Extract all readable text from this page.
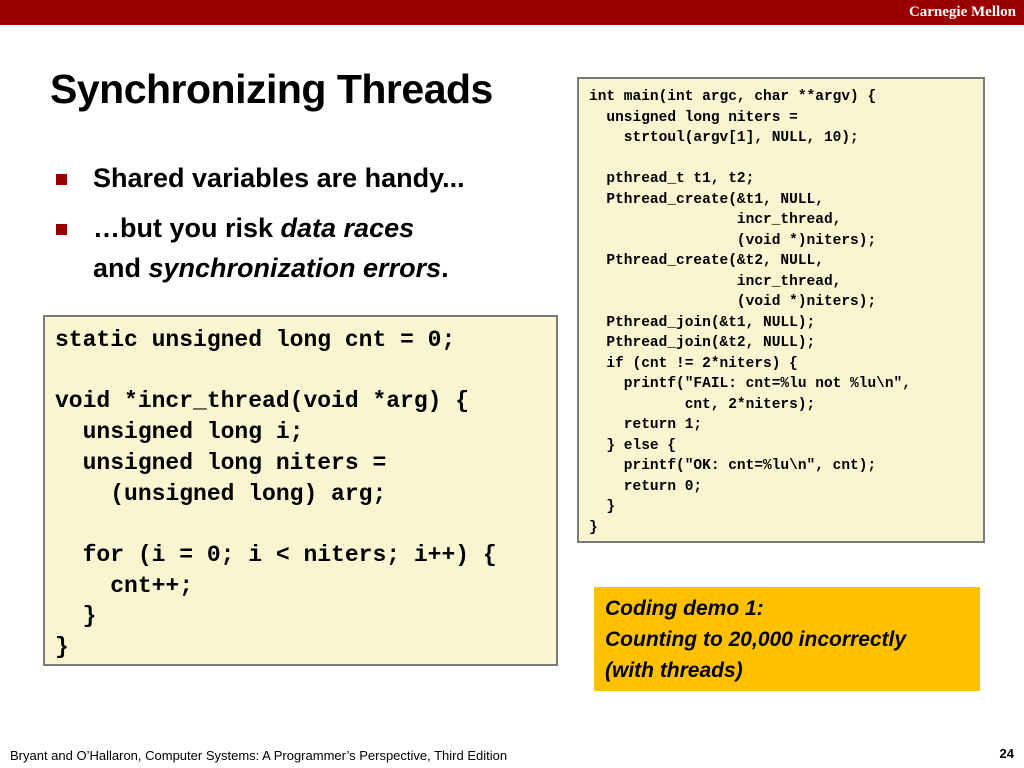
Carnegie Mellon
Synchronizing Threads
Shared variables are handy...
…but you risk data races
and synchronization errors.
int main(int argc, char **argv) {
unsigned long niters =
strtoul(argv[1], NULL, 10);

pthread_t t1, t2;
Pthread_create(&t1, NULL,
incr_thread,
(void *)niters);
Pthread_create(&t2, NULL,
incr_thread,
(void *)niters);
Pthread_join(&t1, NULL);
Pthread_join(&t2, NULL);
if (cnt != 2*niters) {
printf("FAIL: cnt=%lu not %lu\n",
cnt, 2*niters);
return 1;
} else {
printf("OK: cnt=%lu\n", cnt);
return 0;
}
}
static unsigned long cnt = 0;

void *incr_thread(void *arg) {
unsigned long i;
unsigned long niters =
(unsigned long) arg;

for (i = 0; i < niters; i++) {
cnt++;
}
}
Coding demo 1:
Counting to 20,000 incorrectly
(with threads)
Bryant and O’Hallaron, Computer Systems: A Programmer’s Perspective, Third Edition	24
